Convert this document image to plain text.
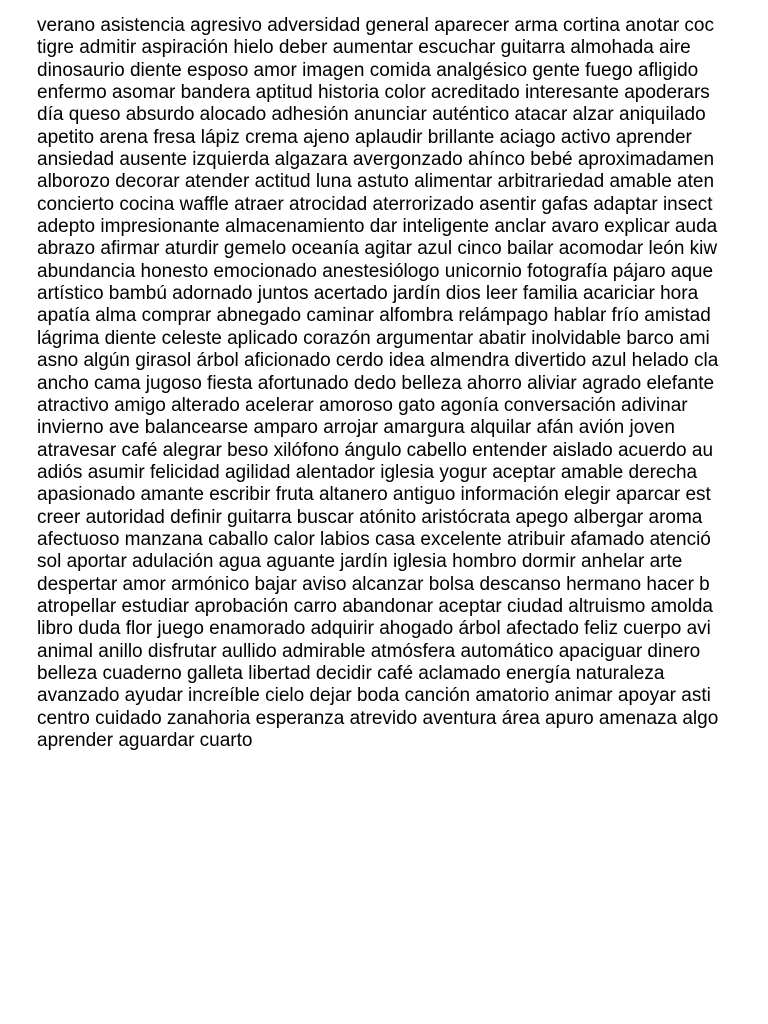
verano asistencia agresivo adversidad general aparecer arma cortina anotar coc
tigre admitir aspiración hielo deber aumentar escuchar guitarra almohada aire
dinosaurio diente esposo amor imagen comida analgésico gente fuego afligido
enfermo asomar bandera aptitud historia color acreditado interesante apoderars
día queso absurdo alocado adhesión anunciar auténtico atacar alzar aniquilado
apetito arena fresa lápiz crema ajeno aplaudir brillante aciago activo aprender
ansiedad ausente izquierda algazara avergonzado ahínco bebé aproximadamen
alborozo decorar atender actitud luna astuto alimentar arbitrariedad amable aten
concierto cocina waffle atraer atrocidad aterrorizado asentir gafas adaptar insect
adepto impresionante almacenamiento dar inteligente anclar avaro explicar auda
abrazo afirmar aturdir gemelo oceanía agitar azul cinco bailar acomodar león kiw
abundancia honesto emocionado anestesiólogo unicornio fotografía pájaro aque
artístico bambú adornado juntos acertado jardín dios leer familia acariciar hora
apatía alma comprar abnegado caminar alfombra relámpago hablar frío amistad
lágrima diente celeste aplicado corazón argumentar abatir inolvidable barco ami
asno algún girasol árbol aficionado cerdo idea almendra divertido azul helado cla
ancho cama jugoso fiesta afortunado dedo belleza ahorro aliviar agrado elefante
atractivo amigo alterado acelerar amoroso gato agonía conversación adivinar
invierno ave balancearse amparo arrojar amargura alquilar afán avión joven
atravesar café alegrar beso xilófono ángulo cabello entender aislado acuerdo au
adiós asumir felicidad agilidad alentador iglesia yogur aceptar amable derecha
apasionado amante escribir fruta altanero antiguo información elegir aparcar est
creer autoridad definir guitarra buscar atónito aristócrata apego albergar aroma
afectuoso manzana caballo calor labios casa excelente atribuir afamado atenció
sol aportar adulación agua aguante jardín iglesia hombro dormir anhelar arte
despertar amor armónico bajar aviso alcanzar bolsa descanso hermano hacer b
atropellar estudiar aprobación carro abandonar aceptar ciudad altruismo amolda
libro duda flor juego enamorado adquirir ahogado árbol afectado feliz cuerpo avi
animal anillo disfrutar aullido admirable atmósfera automático apaciguar dinero
belleza cuaderno galleta libertad decidir café aclamado energía naturaleza
avanzado ayudar increíble cielo dejar boda canción amatorio animar apoyar asti
centro cuidado zanahoria esperanza atrevido aventura área apuro amenaza algo
aprender aguardar cuarto
